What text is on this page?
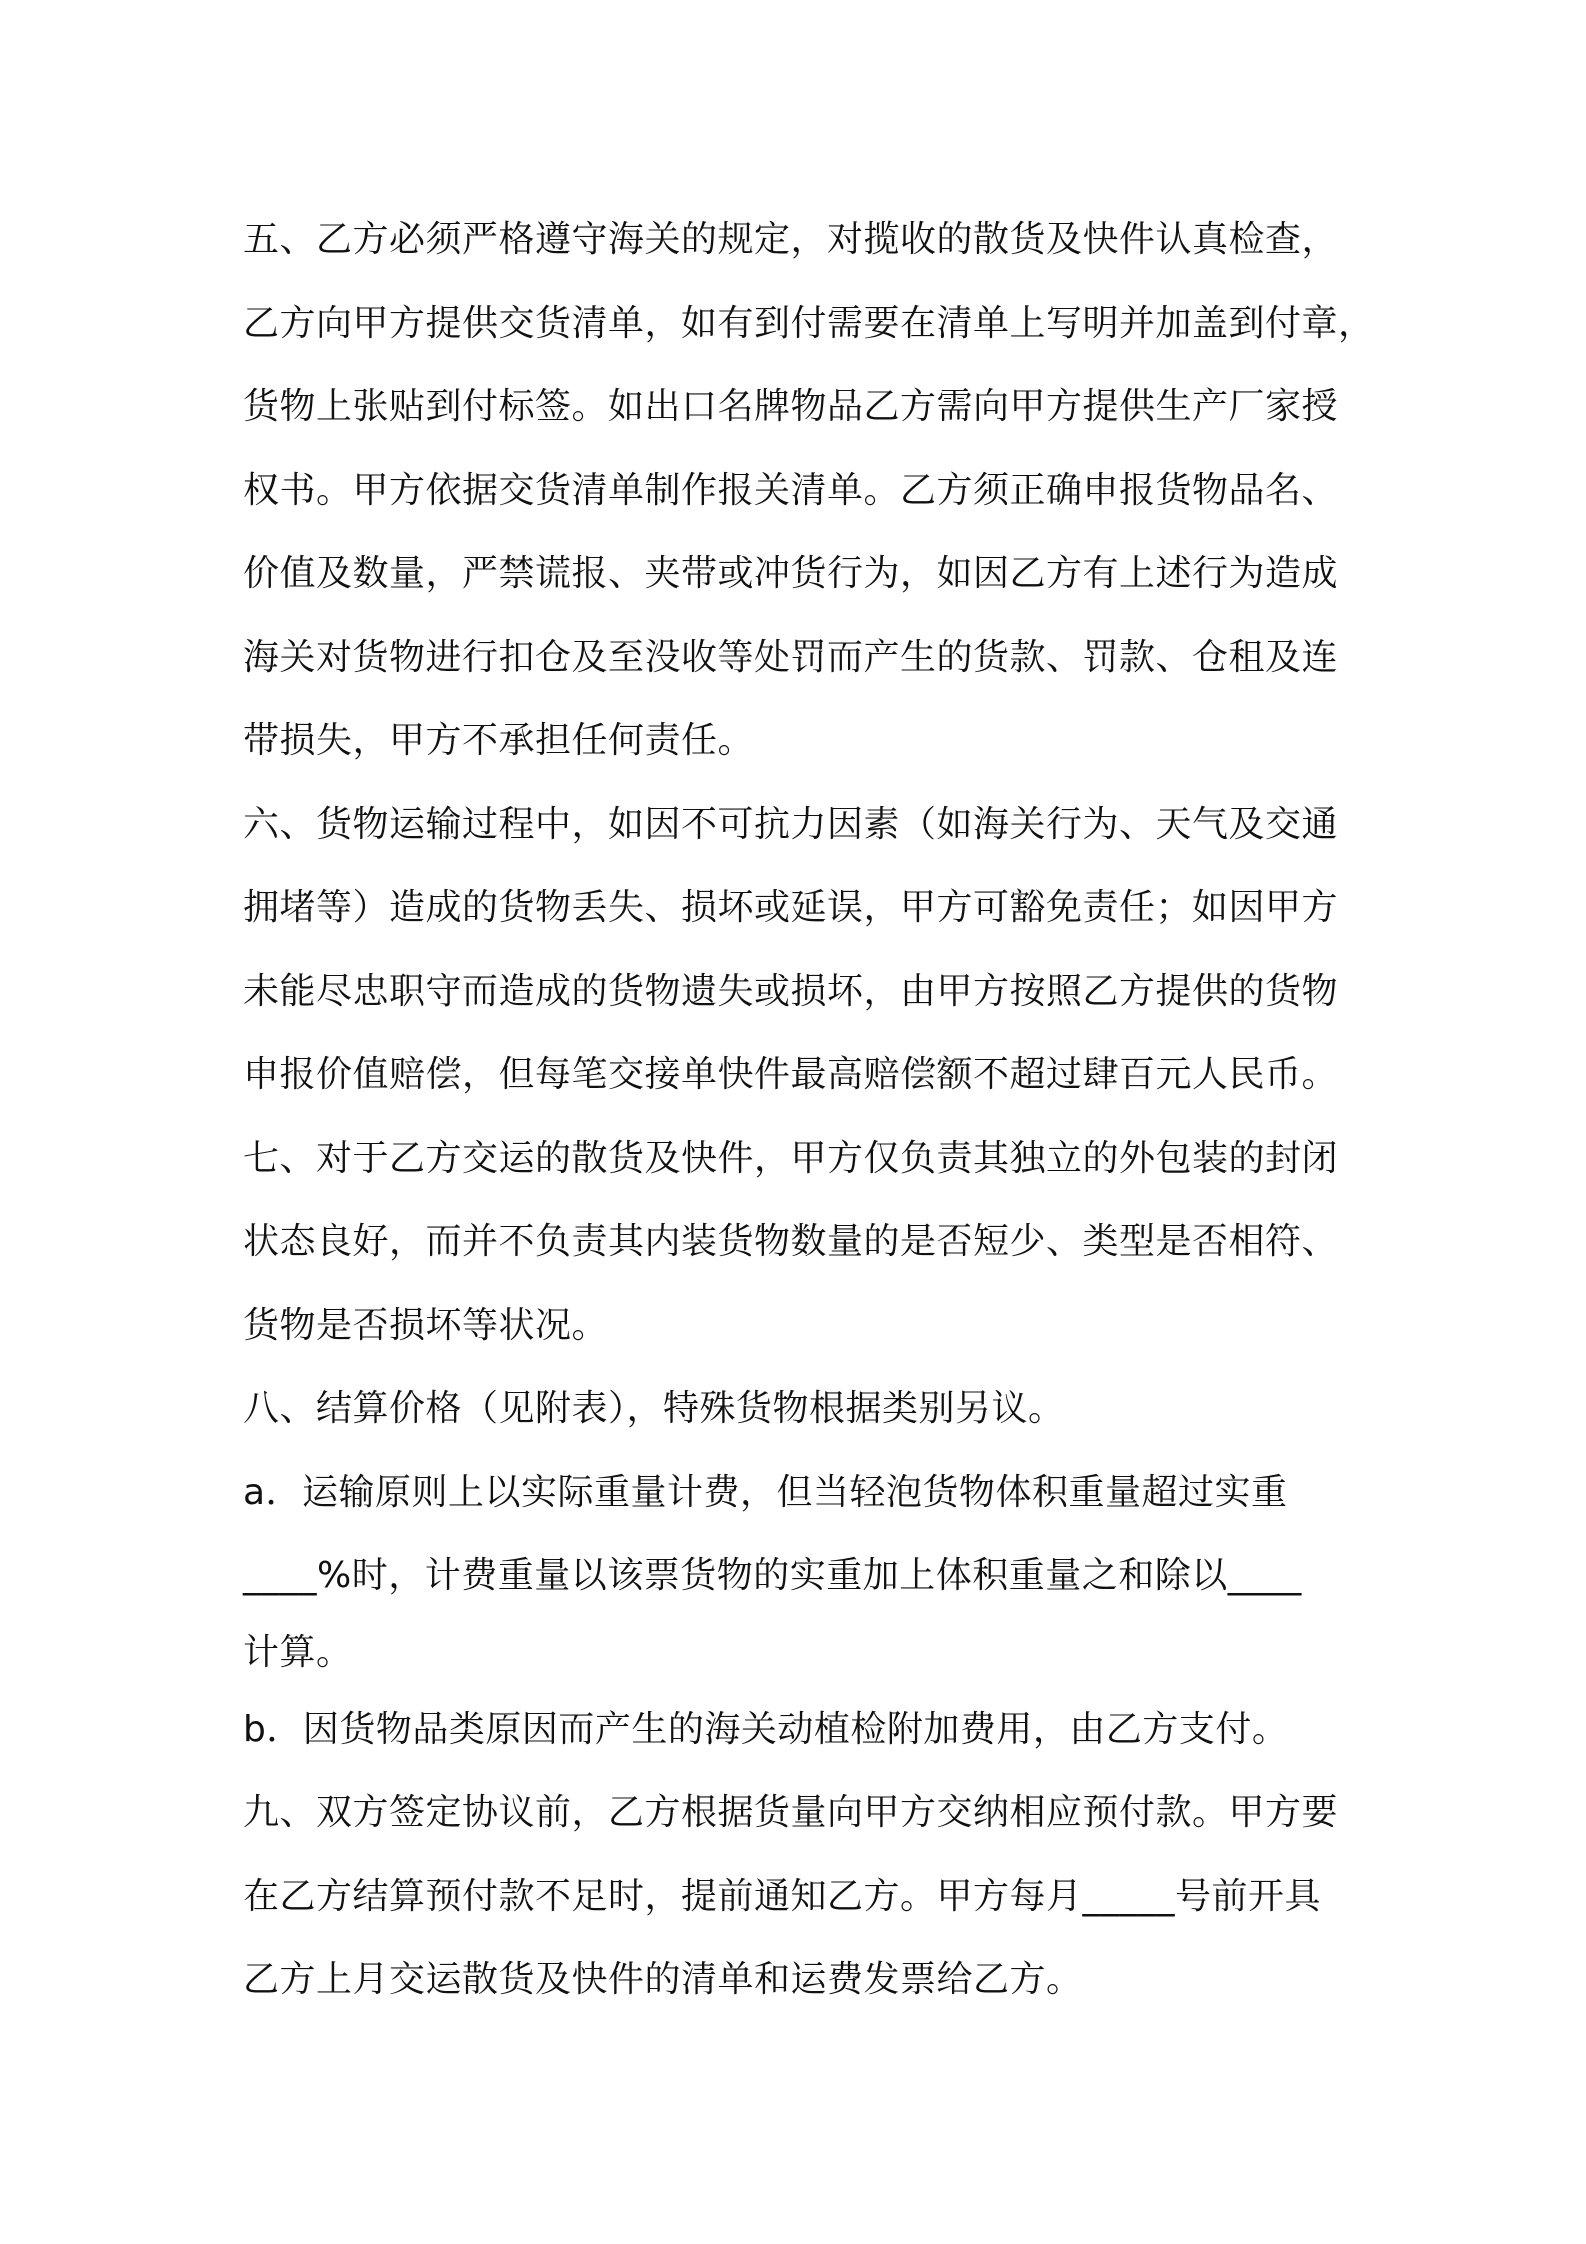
五、乙方必须严格遵守海关的规定，对揽收的散货及快件认真检查，
乙方向甲方提供交货清单，如有到付需要在清单上写明并加盖到付章，
货物上张贴到付标签。如出口名牌物品乙方需向甲方提供生产厂家授
权书。甲方依据交货清单制作报关清单。乙方须正确申报货物品名、
价值及数量，严禁谎报、夹带或冲货行为，如因乙方有上述行为造成
海关对货物进行扣仓及至没收等处罚而产生的货款、罚款、仓租及连
带损失，甲方不承担任何责任。
六、货物运输过程中，如因不可抗力因素（如海关行为、天气及交通
拥堵等）造成的货物丢失、损坏或延误，甲方可豁免责任；如因甲方
未能尽忠职守而造成的货物遗失或损坏，由甲方按照乙方提供的货物
申报价值赔偿，但每笔交接单快件最高赔偿额不超过肆百元人民币。
七、对于乙方交运的散货及快件，甲方仅负责其独立的外包装的封闭
状态良好，而并不负责其内装货物数量的是否短少、类型是否相符、
货物是否损坏等状况。
八、结算价格（见附表），特殊货物根据类别另议。
a．运输原则上以实际重量计费，但当轻泡货物体积重量超过实重
____%时，计费重量以该票货物的实重加上体积重量之和除以____
计算。
b．因货物品类原因而产生的海关动植检附加费用，由乙方支付。
九、双方签定协议前，乙方根据货量向甲方交纳相应预付款。甲方要
在乙方结算预付款不足时，提前通知乙方。甲方每月_____号前开具
乙方上月交运散货及快件的清单和运费发票给乙方。
